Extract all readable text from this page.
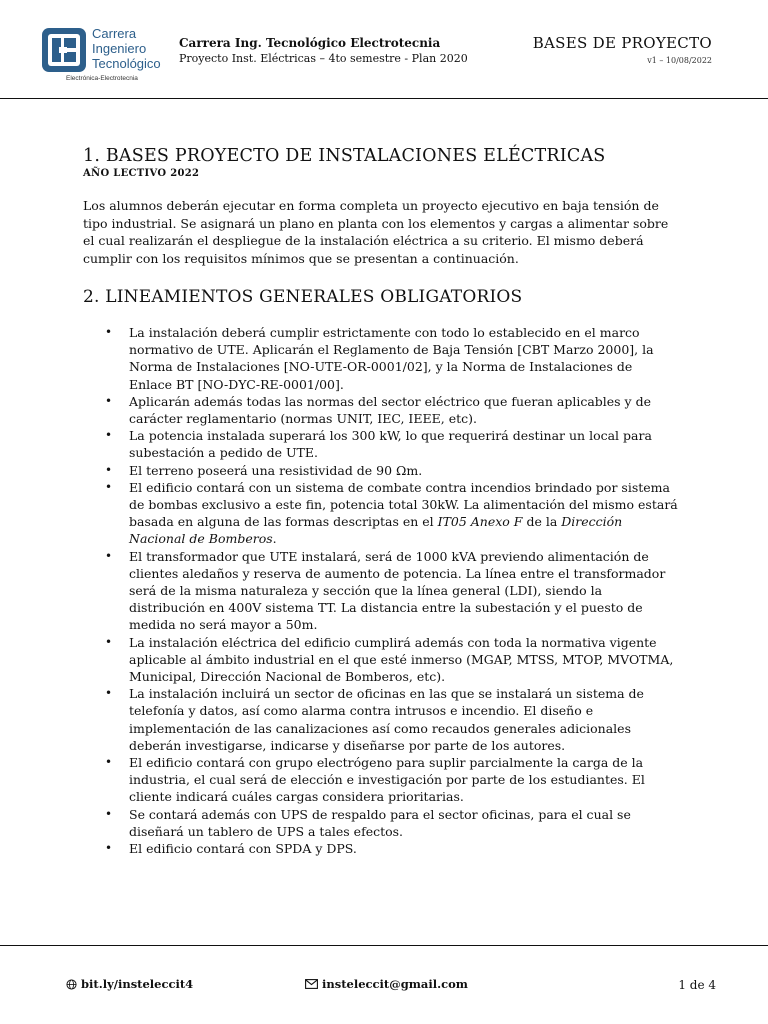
Carrera
Ingeniero
Tecnológico
Electrónica-Electrotecnia
Carrera Ing. Tecnológico Electrotecnia
Proyecto Inst. Eléctricas – 4to semestre - Plan 2020
BASES DE PROYECTO
v1 – 10/08/2022
1. BASES PROYECTO DE INSTALACIONES ELÉCTRICAS
AÑO LECTIVO 2022

Los alumnos deberán ejecutar en forma completa un proyecto ejecutivo en baja tensión de tipo industrial. Se asignará un plano en planta con los elementos y cargas a alimentar sobre el cual realizarán el despliegue de la instalación eléctrica a su criterio. El mismo deberá cumplir con los requisitos mínimos que se presentan a continuación.

2. LINEAMIENTOS GENERALES OBLIGATORIOS
• La instalación deberá cumplir estrictamente con todo lo establecido en el marco normativo de UTE. Aplicarán el Reglamento de Baja Tensión [CBT Marzo 2000], la Norma de Instalaciones [NO-UTE-OR-0001/02], y la Norma de Instalaciones de Enlace BT [NO-DYC-RE-0001/00].
• Aplicarán además todas las normas del sector eléctrico que fueran aplicables y de carácter reglamentario (normas UNIT, IEC, IEEE, etc).
• La potencia instalada superará los 300 kW, lo que requerirá destinar un local para subestación a pedido de UTE.
• El terreno poseerá una resistividad de 90 Ωm.
• El edificio contará con un sistema de combate contra incendios brindado por sistema de bombas exclusivo a este fin, potencia total 30kW. La alimentación del mismo estará basada en alguna de las formas descriptas en el IT05 Anexo F de la Dirección Nacional de Bomberos.
• El transformador que UTE instalará, será de 1000 kVA previendo alimentación de clientes aledaños y reserva de aumento de potencia. La línea entre el transformador será de la misma naturaleza y sección que la línea general (LDI), siendo la distribución en 400V sistema TT. La distancia entre la subestación y el puesto de medida no será mayor a 50m.
• La instalación eléctrica del edificio cumplirá además con toda la normativa vigente aplicable al ámbito industrial en el que esté inmerso (MGAP, MTSS, MTOP, MVOTMA, Municipal, Dirección Nacional de Bomberos, etc).
• La instalación incluirá un sector de oficinas en las que se instalará un sistema de telefonía y datos, así como alarma contra intrusos e incendio. El diseño e implementación de las canalizaciones así como recaudos generales adicionales deberán investigarse, indicarse y diseñarse por parte de los autores.
• El edificio contará con grupo electrógeno para suplir parcialmente la carga de la industria, el cual será de elección e investigación por parte de los estudiantes. El cliente indicará cuáles cargas considera prioritarias.
• Se contará además con UPS de respaldo para el sector oficinas, para el cual se diseñará un tablero de UPS a tales efectos.
• El edificio contará con SPDA y DPS.
bit.ly/insteleccit4	insteleccit@gmail.com	1 de 4
